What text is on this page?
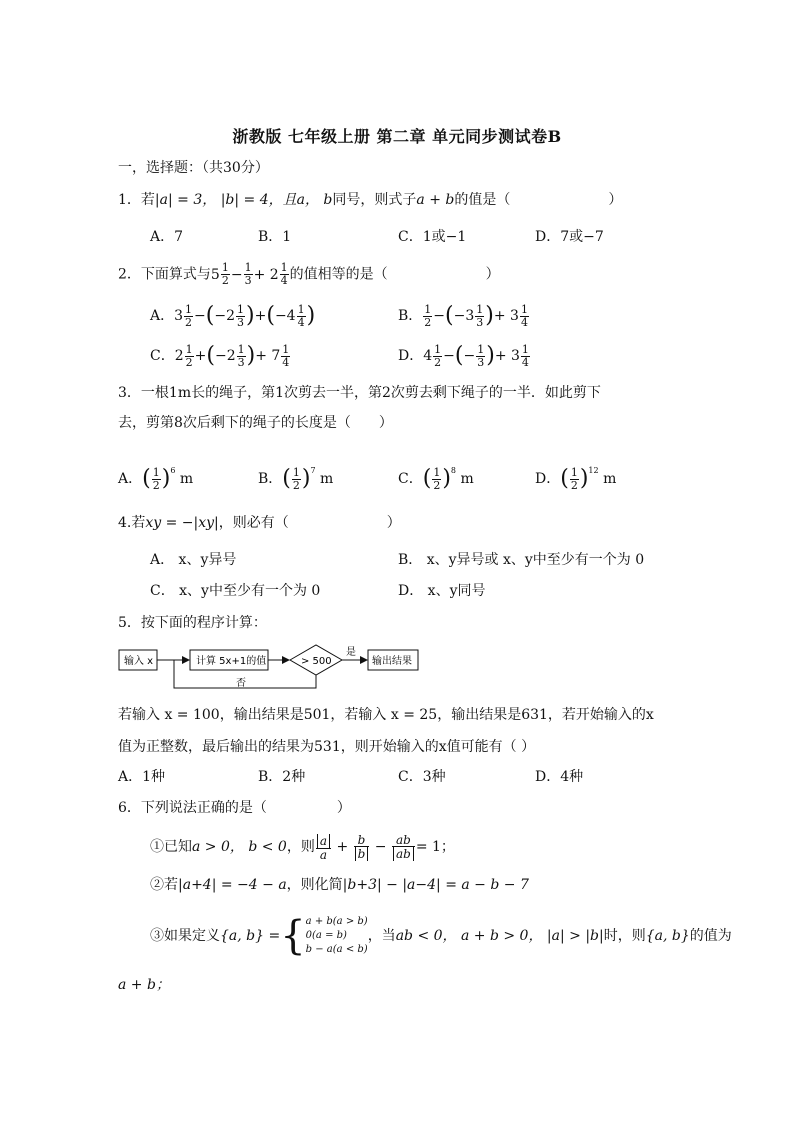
浙教版 七年级上册 第二章 单元同步测试卷B
一，选择题：（共30分）
1．若|a| = 3， |b| = 4，且a， b同号，则式子a + b的值是（　　　　　　　）
A．7	B．1	C．1或−1	D．7或−7
2．下面算式与$5 \frac{1}{2} - \frac{1}{3} + 2 \frac{1}{4}$ 的值相等的是（　　　　　　　）
A．$3 \frac{1}{2} -(-2 \frac{1}{3} )+(-4 \frac{1}{4}$ )	B． $\frac{1}{2} -(-3 \frac{1}{3}$ )+ $3 \frac{1}{4}$
C．$2 \frac{1}{2} +(-2 \frac{1}{3}$ )+ $7 \frac{1}{4}$	D．$4 \frac{1}{2}$ −(− $\frac{1}{3}$ )+ $3 \frac{1}{4}$
3．一根1m长的绳子，第1次剪去一半，第2次剪去剩下绳子的一半．如此剪下
去，剪第8次后剩下的绳子的长度是（　　）
A．( $\frac{1}{2} )^6$ m	B．( $\frac{1}{2} )^7$ m	C．( $\frac{1}{2} )^8$ m	D．( $\frac{1}{2} )^{12}$ m
4.若xy = −|xy|，则必有（　　　　　　　）
A． x、y异号	B． x、y异号或 x、y中至少有一个为 0
C． x、y中至少有一个为 0	D． x、y同号
5．按下面的程序计算：
输入 x	计算 5x+1的值	> 500
是
输出结果
否
若输入 x = 100，输出结果是501，若输入 x = 25，输出结果是631，若开始输入的x
值为正整数，最后输出的结果为531，则开始输入的x值可能有（ ）
A．1种	B．2种	C．3种	D．4种
6．下列说法正确的是（　　　　　）
①已知a > 0， b < 0，则 $\frac{a}{a} + \frac{b}{b} - \frac{ab}{ab} = 1$；
②若|a+4| = −4 − a，则化简|b+3| − |a−4| = a − b − 7
③如果定义{a, b} ={ a + b(a > b)
0(a = b)
b − a(a < b)
，当ab < 0， a + b > 0， |a| > |b|时，则{a, b}的值为
a + b；
